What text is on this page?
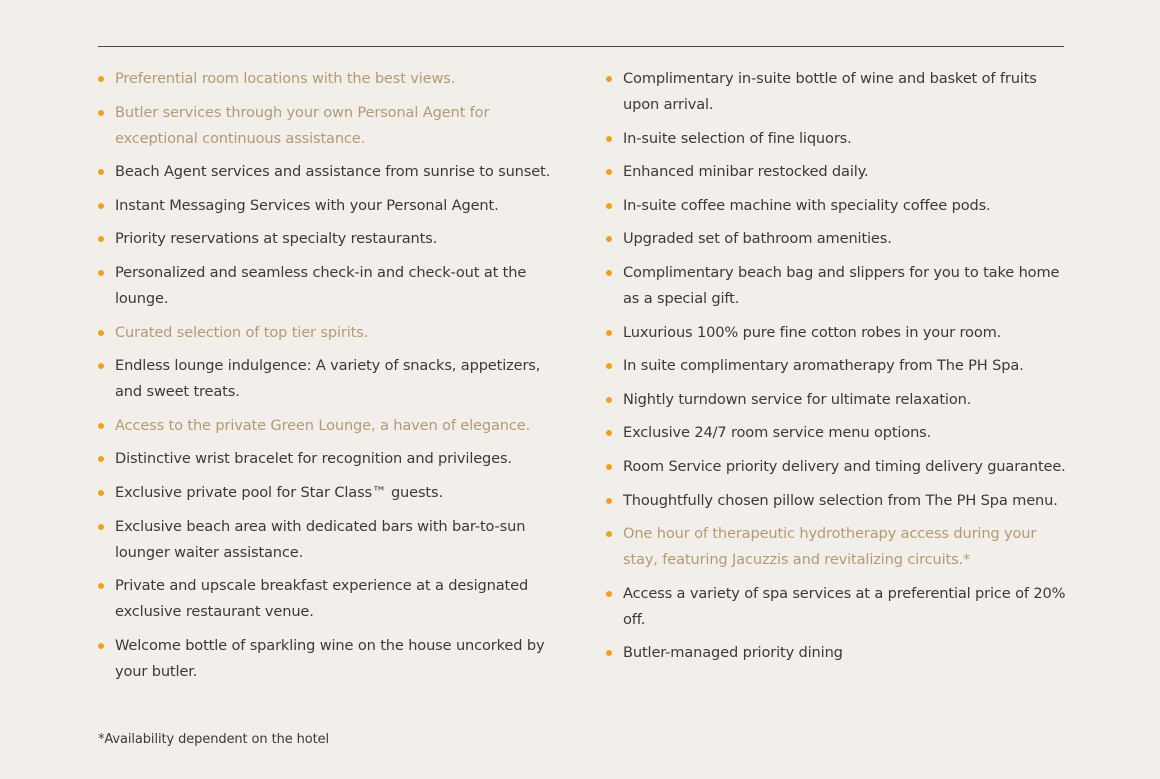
Preferential room locations with the best views.
Butler services through your own Personal Agent for exceptional continuous assistance.
Beach Agent services and assistance from sunrise to sunset.
Instant Messaging Services with your Personal Agent.
Priority reservations at specialty restaurants.
Personalized and seamless check-in and check-out at the lounge.
Curated selection of top tier spirits.
Endless lounge indulgence: A variety of snacks, appetizers, and sweet treats.
Access to the private Green Lounge, a haven of elegance.
Distinctive wrist bracelet for recognition and privileges.
Exclusive private pool for Star Class™ guests.
Exclusive beach area with dedicated bars with bar-to-sun lounger waiter assistance.
Private and upscale breakfast experience at a designated exclusive restaurant venue.
Welcome bottle of sparkling wine on the house uncorked by your butler.
Complimentary in-suite bottle of wine and basket of fruits upon arrival.
In-suite selection of fine liquors.
Enhanced minibar restocked daily.
In-suite coffee machine with speciality coffee pods.
Upgraded set of bathroom amenities.
Complimentary beach bag and slippers for you to take home as a special gift.
Luxurious 100% pure fine cotton robes in your room.
In suite complimentary aromatherapy from The PH Spa.
Nightly turndown service for ultimate relaxation.
Exclusive 24/7 room service menu options.
Room Service priority delivery and timing delivery guarantee.
Thoughtfully chosen pillow selection from The PH Spa menu.
One hour of therapeutic hydrotherapy access during your stay, featuring Jacuzzis and revitalizing circuits.*
Access a variety of spa services at a preferential price of 20% off.
Butler-managed priority dining
*Availability dependent on the hotel
